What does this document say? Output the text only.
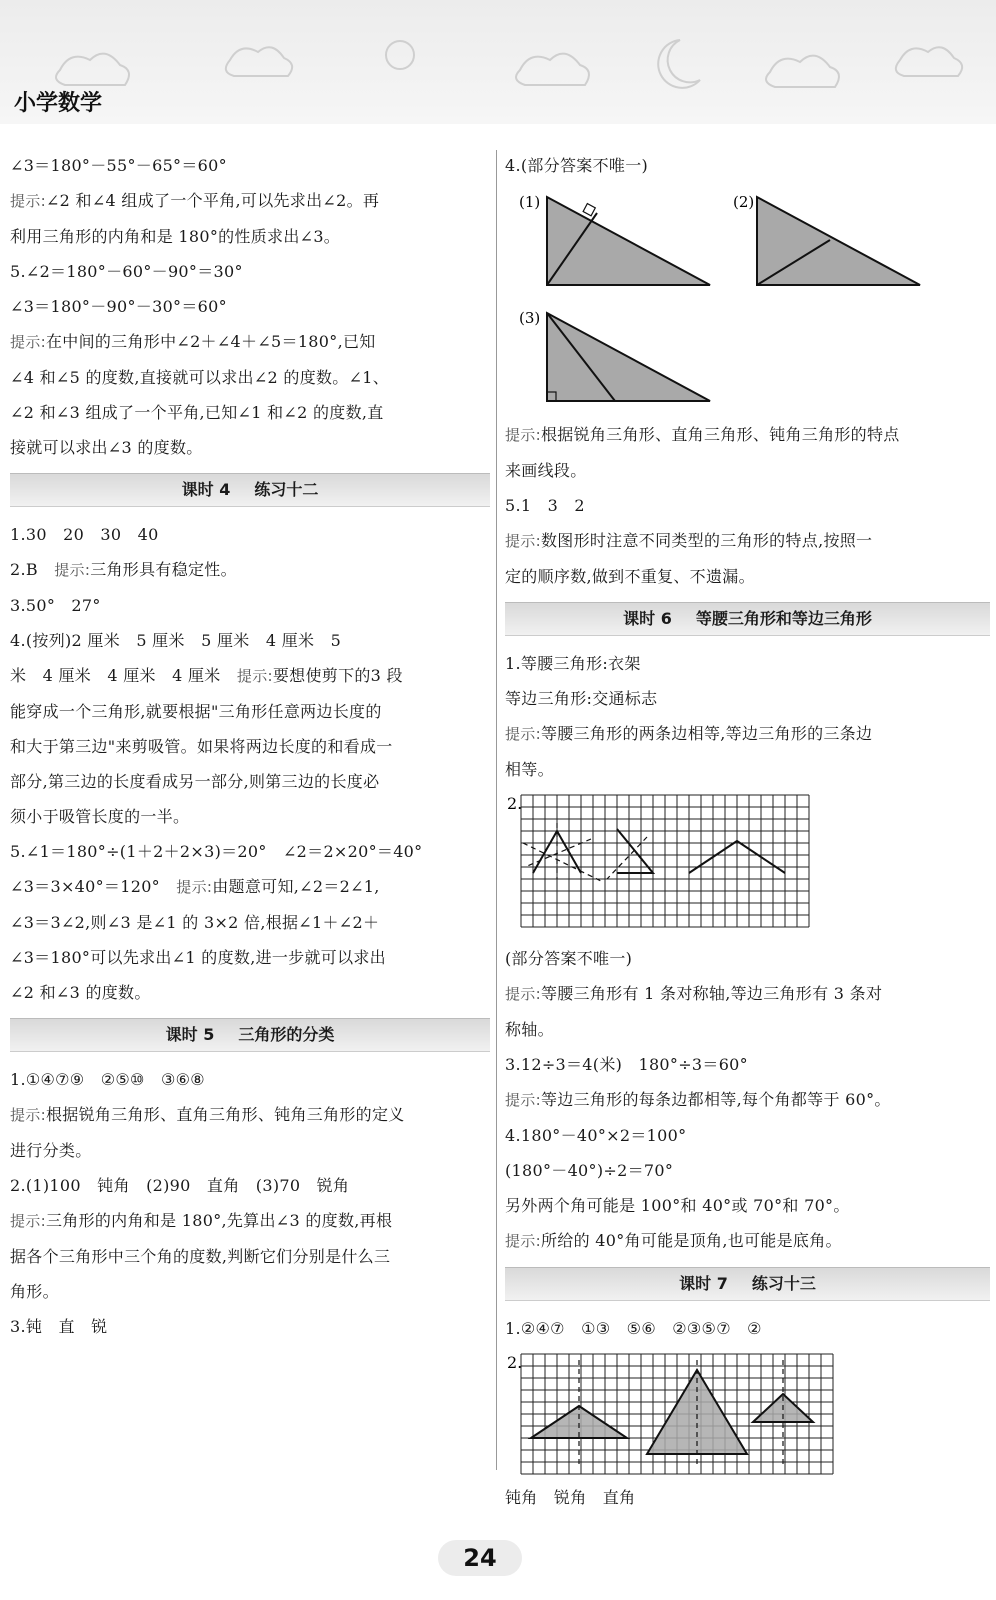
小学数学
∠3＝180°－55°－65°＝60°
提示:∠2 和∠4 组成了一个平角,可以先求出∠2。再
利用三角形的内角和是 180°的性质求出∠3。
5.∠2＝180°－60°－90°＝30°
∠3＝180°－90°－30°＝60°
提示:在中间的三角形中∠2＋∠4＋∠5＝180°,已知
∠4 和∠5 的度数,直接就可以求出∠2 的度数。∠1、
∠2 和∠3 组成了一个平角,已知∠1 和∠2 的度数,直
接就可以求出∠3 的度数。
课时 4 练习十二
1.30　20　30　40
2.B　提示:三角形具有稳定性。
3.50°　27°
4.(按列)2 厘米　5 厘米　5 厘米　4 厘米　5
米　4 厘米　4 厘米　4 厘米　提示:要想使剪下的3 段
能穿成一个三角形,就要根据"三角形任意两边长度的
和大于第三边"来剪吸管。如果将两边长度的和看成一
部分,第三边的长度看成另一部分,则第三边的长度必
须小于吸管长度的一半。
5.∠1＝180°÷(1＋2＋2×3)＝20°　∠2＝2×20°＝40°
∠3＝3×40°＝120°　提示:由题意可知,∠2＝2∠1,
∠3＝3∠2,则∠3 是∠1 的 3×2 倍,根据∠1＋∠2＋
∠3＝180°可以先求出∠1 的度数,进一步就可以求出
∠2 和∠3 的度数。
课时 5 三角形的分类
1.①④⑦⑨　②⑤⑩　③⑥⑧
提示:根据锐角三角形、直角三角形、钝角三角形的定义
进行分类。
2.(1)100　钝角　(2)90　直角　(3)70　锐角
提示:三角形的内角和是 180°,先算出∠3 的度数,再根
据各个三角形中三个角的度数,判断它们分别是什么三
角形。
3.钝　直　锐
4.(部分答案不唯一)
(1)	(2)
(3)
提示:根据锐角三角形、直角三角形、钝角三角形的特点
来画线段。
5.1　3　2
提示:数图形时注意不同类型的三角形的特点,按照一
定的顺序数,做到不重复、不遗漏。
课时 6 等腰三角形和等边三角形
1.等腰三角形:衣架
等边三角形:交通标志
提示:等腰三角形的两条边相等,等边三角形的三条边
相等。
2.
(部分答案不唯一)
提示:等腰三角形有 1 条对称轴,等边三角形有 3 条对
称轴。
3.12÷3＝4(米)　180°÷3＝60°
提示:等边三角形的每条边都相等,每个角都等于 60°。
4.180°－40°×2＝100°
(180°－40°)÷2＝70°
另外两个角可能是 100°和 40°或 70°和 70°。
提示:所给的 40°角可能是顶角,也可能是底角。
课时 7 练习十三
1.②④⑦　①③　⑤⑥　②③⑤⑦　②
2.
钝角　锐角　直角
24
